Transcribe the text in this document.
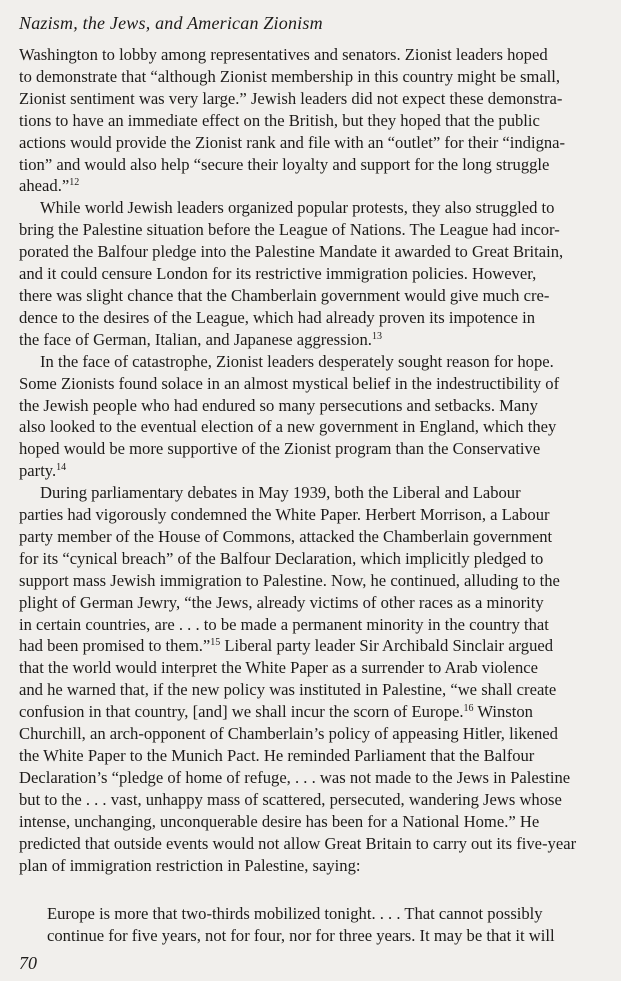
Nazism, the Jews, and American Zionism

Washington to lobby among representatives and senators. Zionist leaders hoped
to demonstrate that “although Zionist membership in this country might be small,
Zionist sentiment was very large.” Jewish leaders did not expect these demonstra-
tions to have an immediate effect on the British, but they hoped that the public
actions would provide the Zionist rank and file with an “outlet” for their “indigna-
tion” and would also help “secure their loyalty and support for the long struggle
ahead.”$^{12}$

While world Jewish leaders organized popular protests, they also struggled to
bring the Palestine situation before the League of Nations. The League had incor-
porated the Balfour pledge into the Palestine Mandate it awarded to Great Britain,
and it could censure London for its restrictive immigration policies. However,
there was slight chance that the Chamberlain government would give much cre-
dence to the desires of the League, which had already proven its impotence in
the face of German, Italian, and Japanese aggression.$^{13}$

In the face of catastrophe, Zionist leaders desperately sought reason for hope.
Some Zionists found solace in an almost mystical belief in the indestructibility of
the Jewish people who had endured so many persecutions and setbacks. Many
also looked to the eventual election of a new government in England, which they
hoped would be more supportive of the Zionist program than the Conservative
party.$^{14}$

During parliamentary debates in May 1939, both the Liberal and Labour
parties had vigorously condemned the White Paper. Herbert Morrison, a Labour
party member of the House of Commons, attacked the Chamberlain government
for its “cynical breach” of the Balfour Declaration, which implicitly pledged to
support mass Jewish immigration to Palestine. Now, he continued, alluding to the
plight of German Jewry, “the Jews, already victims of other races as a minority
in certain countries, are . . . to be made a permanent minority in the country that
had been promised to them.”$^{15}$ Liberal party leader Sir Archibald Sinclair argued
that the world would interpret the White Paper as a surrender to Arab violence
and he warned that, if the new policy was instituted in Palestine, “we shall create
confusion in that country, [and] we shall incur the scorn of Europe.$^{16}$ Winston
Churchill, an arch-opponent of Chamberlain’s policy of appeasing Hitler, likened
the White Paper to the Munich Pact. He reminded Parliament that the Balfour
Declaration’s “pledge of home of refuge, . . . was not made to the Jews in Palestine
but to the . . . vast, unhappy mass of scattered, persecuted, wandering Jews whose
intense, unchanging, unconquerable desire has been for a National Home.” He
predicted that outside events would not allow Great Britain to carry out its five-year
plan of immigration restriction in Palestine, saying:

Europe is more that two-thirds mobilized tonight. . . . That cannot possibly
continue for five years, not for four, nor for three years. It may be that it will
70
